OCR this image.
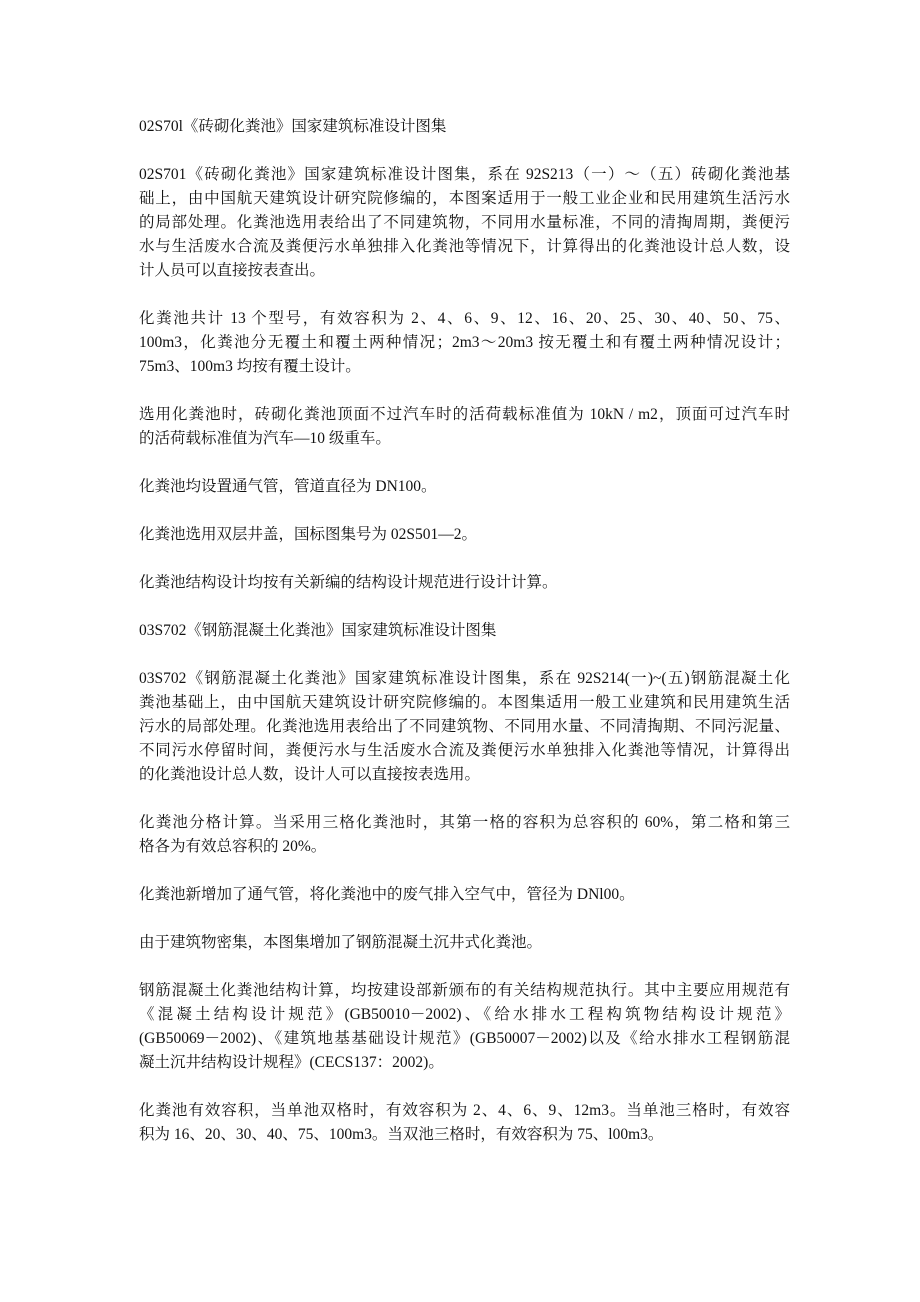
02S70l《砖砌化粪池》国家建筑标准设计图集
02S701《砖砌化粪池》国家建筑标准设计图集，系在 92S213（一）～（五）砖砌化粪池基
础上，由中国航天建筑设计研究院修编的，本图案适用于一般工业企业和民用建筑生活污水
的局部处理。化粪池选用表给出了不同建筑物，不同用水量标准，不同的清掏周期，粪便污
水与生活废水合流及粪便污水单独排入化粪池等情况下，计算得出的化粪池设计总人数，设
计人员可以直接按表查出。
化粪池共计 13 个型号，有效容积为 2、4、6、9、12、16、20、25、30、40、50、75、
100m3，化粪池分无覆土和覆土两种情况；2m3～20m3 按无覆土和有覆土两种情况设计；
75m3、100m3 均按有覆土设计。
选用化粪池时，砖砌化粪池顶面不过汽车时的活荷载标准值为 10kN / m2，顶面可过汽车时
的活荷载标准值为汽车—10 级重车。
化粪池均设置通气管，管道直径为 DN100。
化粪池选用双层井盖，国标图集号为 02S501—2。
化粪池结构设计均按有关新编的结构设计规范进行设计计算。
03S702《钢筋混凝土化粪池》国家建筑标准设计图集
03S702《钢筋混凝土化粪池》国家建筑标准设计图集，系在 92S214(一)~(五)钢筋混凝土化
粪池基础上，由中国航天建筑设计研究院修编的。本图集适用一般工业建筑和民用建筑生活
污水的局部处理。化粪池选用表给出了不同建筑物、不同用水量、不同清掏期、不同污泥量、
不同污水停留时间，粪便污水与生活废水合流及粪便污水单独排入化粪池等情况，计算得出
的化粪池设计总人数，设计人可以直接按表选用。
化粪池分格计算。当采用三格化粪池时，其第一格的容积为总容积的 60%，第二格和第三
格各为有效总容积的 20%。
化粪池新增加了通气管，将化粪池中的废气排入空气中，管径为 DNl00。
由于建筑物密集，本图集增加了钢筋混凝土沉井式化粪池。
钢筋混凝土化粪池结构计算，均按建设部新颁布的有关结构规范执行。其中主要应用规范有
《混凝土结构设计规范》(GB50010－2002)、《给水排水工程构筑物结构设计规范》
(GB50069－2002)、《建筑地基基础设计规范》(GB50007－2002)以及《给水排水工程钢筋混
凝土沉井结构设计规程》(CECS137：2002)。
化粪池有效容积，当单池双格时，有效容积为 2、4、6、9、12m3。当单池三格时，有效容
积为 16、20、30、40、75、100m3。当双池三格时，有效容积为 75、l00m3。
